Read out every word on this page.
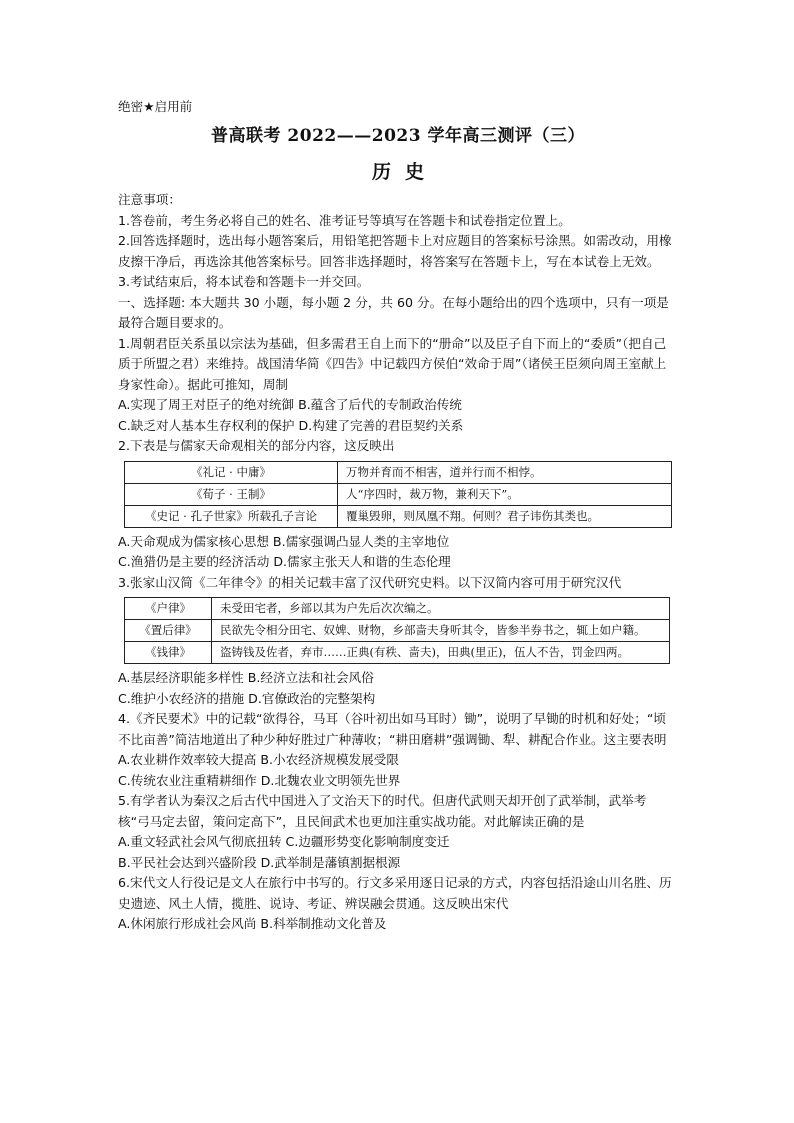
绝密★启用前
普高联考 2022——2023 学年高三测评（三）
历史

注意事项：

1.答卷前，考生务必将自己的姓名、准考证号等填写在答题卡和试卷指定位置上。

2.回答选择题时，选出每小题答案后，用铅笔把答题卡上对应题目的答案标号涂黑。如需改动，用橡皮擦干净后，再选涂其他答案标号。回答非选择题时，将答案写在答题卡上，写在本试卷上无效。

3.考试结束后，将本试卷和答题卡一并交回。

一、选择题: 本大题共 30 小题，每小题 2 分，共 60 分。在每小题给出的四个选项中，只有一项是最符合题目要求的。

1.周朝君臣关系虽以宗法为基础，但多需君王自上而下的“册命”以及臣子自下而上的“委质”（把自己质于所盟之君）来维持。战国清华简《四告》中记载四方侯伯“效命于周”（诸侯王臣须向周王室献上身家性命）。据此可推知，周制

A.实现了周王对臣子的绝对统御 B.蕴含了后代的专制政治传统

C.缺乏对人基本生存权利的保护 D.构建了完善的君臣契约关系

2.下表是与儒家天命观相关的部分内容，这反映出

《礼记 · 中庸》	万物并育而不相害，道并行而不相悖。
《荀子 · 王制》	人“序四时，裁万物，兼利天下”。
《史记 · 孔子世家》所载孔子言论	覆巢毁卵，则凤凰不翔。何则？君子讳伤其类也。

A.天命观成为儒家核心思想 B.儒家强调凸显人类的主宰地位

C.渔猎仍是主要的经济活动 D.儒家主张天人和谐的生态伦理

3.张家山汉简《二年律令》的相关记载丰富了汉代研究史料。以下汉简内容可用于研究汉代

《户律》	未受田宅者，乡部以其为户先后次次编之。
《置后律》	民欲先令相分田宅、奴婢、财物，乡部啬夫身听其令，皆参半券书之，辄上如户籍。
《钱律》	盗铸钱及佐者，弃市……正典(有秩、啬夫)，田典(里正)，伍人不告，罚金四两。

A.基层经济职能多样性 B.经济立法和社会风俗

C.维护小农经济的措施 D.官僚政治的完整架构

4.《齐民要术》中的记载“欲得谷，马耳（谷叶初出如马耳时）锄”，说明了早锄的时机和好处；“顷不比亩善”简洁地道出了种少种好胜过广种薄收；“耕田磨耕”强调锄、犁、耕配合作业。这主要表明

A.农业耕作效率较大提高 B.小农经济规模发展受限

C.传统农业注重精耕细作 D.北魏农业文明领先世界

5.有学者认为秦汉之后古代中国进入了文治天下的时代。但唐代武则天却开创了武举制，武举考核“弓马定去留，策问定高下”，且民间武术也更加注重实战功能。对此解读正确的是

A.重文轻武社会风气彻底扭转 C.边疆形势变化影响制度变迁

B.平民社会达到兴盛阶段 D.武举制是藩镇割据根源

6.宋代文人行役记是文人在旅行中书写的。行文多采用逐日记录的方式，内容包括沿途山川名胜、历史遗迹、风土人情，揽胜、说诗、考证、辨误融会贯通。这反映出宋代

A.休闲旅行形成社会风尚 B.科举制推动文化普及
